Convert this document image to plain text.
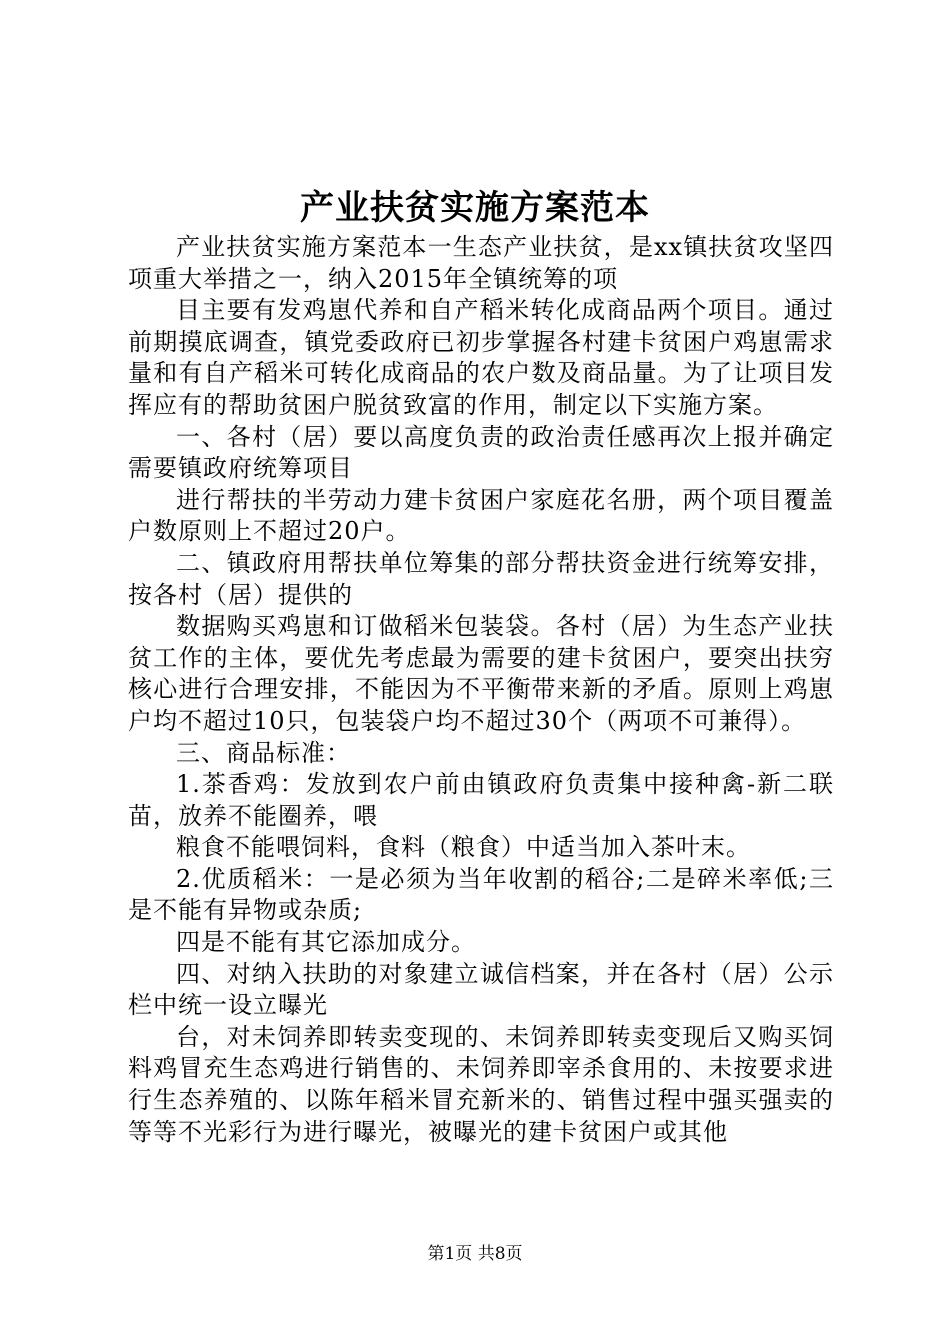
产业扶贫实施方案范本

产业扶贫实施方案范本一生态产业扶贫，是xx镇扶贫攻坚四项重大举措之一，纳入2015年全镇统筹的项

目主要有发鸡崽代养和自产稻米转化成商品两个项目。通过前期摸底调查，镇党委政府已初步掌握各村建卡贫困户鸡崽需求量和有自产稻米可转化成商品的农户数及商品量。为了让项目发挥应有的帮助贫困户脱贫致富的作用，制定以下实施方案。

一、各村（居）要以高度负责的政治责任感再次上报并确定需要镇政府统筹项目

进行帮扶的半劳动力建卡贫困户家庭花名册，两个项目覆盖户数原则上不超过20户。

二、镇政府用帮扶单位筹集的部分帮扶资金进行统筹安排，按各村（居）提供的

数据购买鸡崽和订做稻米包装袋。各村（居）为生态产业扶贫工作的主体，要优先考虑最为需要的建卡贫困户，要突出扶穷核心进行合理安排，不能因为不平衡带来新的矛盾。原则上鸡崽户均不超过10只，包装袋户均不超过30个（两项不可兼得）。

三、商品标准：

1.茶香鸡：发放到农户前由镇政府负责集中接种禽-新二联苗，放养不能圈养，喂

粮食不能喂饲料，食料（粮食）中适当加入茶叶末。

2.优质稻米：一是必须为当年收割的稻谷;二是碎米率低;三是不能有异物或杂质;

四是不能有其它添加成分。

四、对纳入扶助的对象建立诚信档案，并在各村（居）公示栏中统一设立曝光

台，对未饲养即转卖变现的、未饲养即转卖变现后又购买饲料鸡冒充生态鸡进行销售的、未饲养即宰杀食用的、未按要求进行生态养殖的、以陈年稻米冒充新米的、销售过程中强买强卖的等等不光彩行为进行曝光，被曝光的建卡贫困户或其他

第1页 共8页
